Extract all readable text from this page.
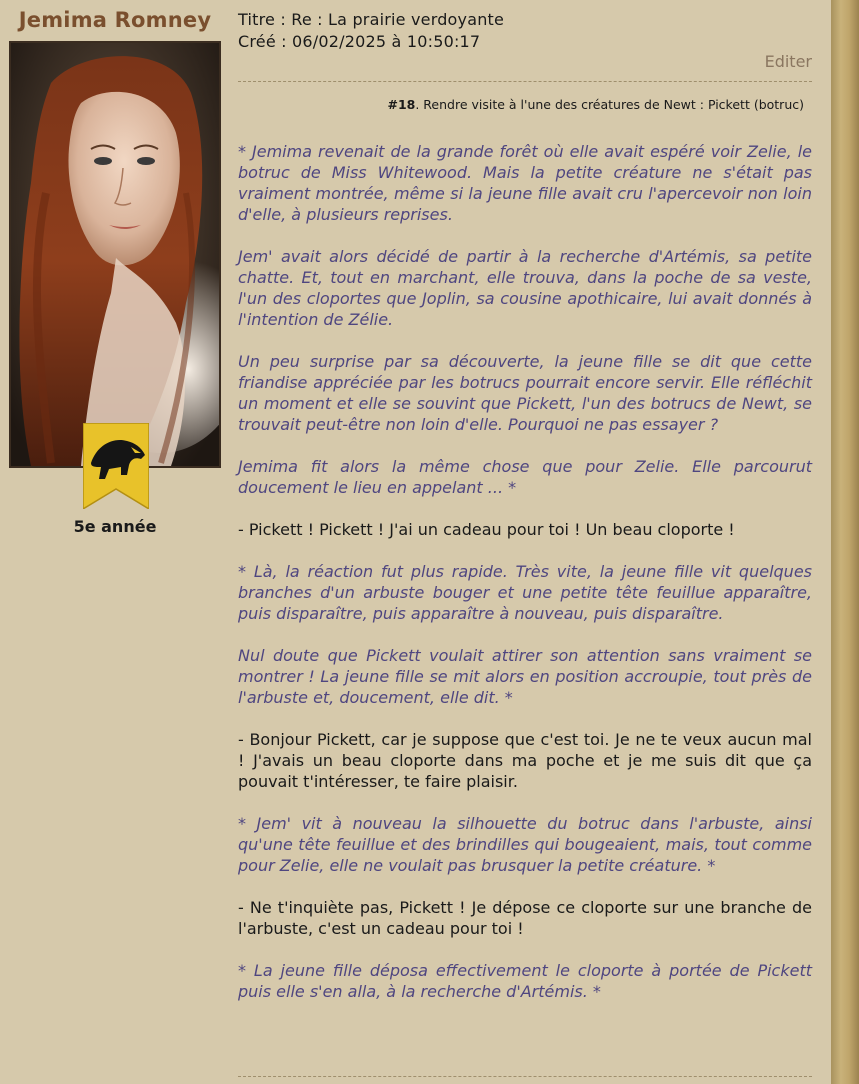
Jemima Romney
5e année
Titre : Re : La prairie verdoyante
Créé : 06/02/2025 à 10:50:17
Editer
#18. Rendre visite à l'une des créatures de Newt : Pickett (botruc)

* Jemima revenait de la grande forêt où elle avait espéré voir Zelie, le botruc de Miss Whitewood. Mais la petite créature ne s'était pas vraiment montrée, même si la jeune fille avait cru l'apercevoir non loin d'elle, à plusieurs reprises.

Jem' avait alors décidé de partir à la recherche d'Artémis, sa petite chatte. Et, tout en marchant, elle trouva, dans la poche de sa veste, l'un des cloportes que Joplin, sa cousine apothicaire, lui avait donnés à l'intention de Zélie.

Un peu surprise par sa découverte, la jeune fille se dit que cette friandise appréciée par les botrucs pourrait encore servir. Elle réfléchit un moment et elle se souvint que Pickett, l'un des botrucs de Newt, se trouvait peut-être non loin d'elle. Pourquoi ne pas essayer ?

Jemima fit alors la même chose que pour Zelie. Elle parcourut doucement le lieu en appelant ... *

- Pickett ! Pickett ! J'ai un cadeau pour toi ! Un beau cloporte !

* Là, la réaction fut plus rapide. Très vite, la jeune fille vit quelques branches d'un arbuste bouger et une petite tête feuillue apparaître, puis disparaître, puis apparaître à nouveau, puis disparaître.

Nul doute que Pickett voulait attirer son attention sans vraiment se montrer ! La jeune fille se mit alors en position accroupie, tout près de l'arbuste et, doucement, elle dit. *

- Bonjour Pickett, car je suppose que c'est toi. Je ne te veux aucun mal ! J'avais un beau cloporte dans ma poche et je me suis dit que ça pouvait t'intéresser, te faire plaisir.

* Jem' vit à nouveau la silhouette du botruc dans l'arbuste, ainsi qu'une tête feuillue et des brindilles qui bougeaient, mais, tout comme pour Zelie, elle ne voulait pas brusquer la petite créature. *

- Ne t'inquiète pas, Pickett ! Je dépose ce cloporte sur une branche de l'arbuste, c'est un cadeau pour toi !

* La jeune fille déposa effectivement le cloporte à portée de Pickett puis elle s'en alla, à la recherche d'Artémis. *
